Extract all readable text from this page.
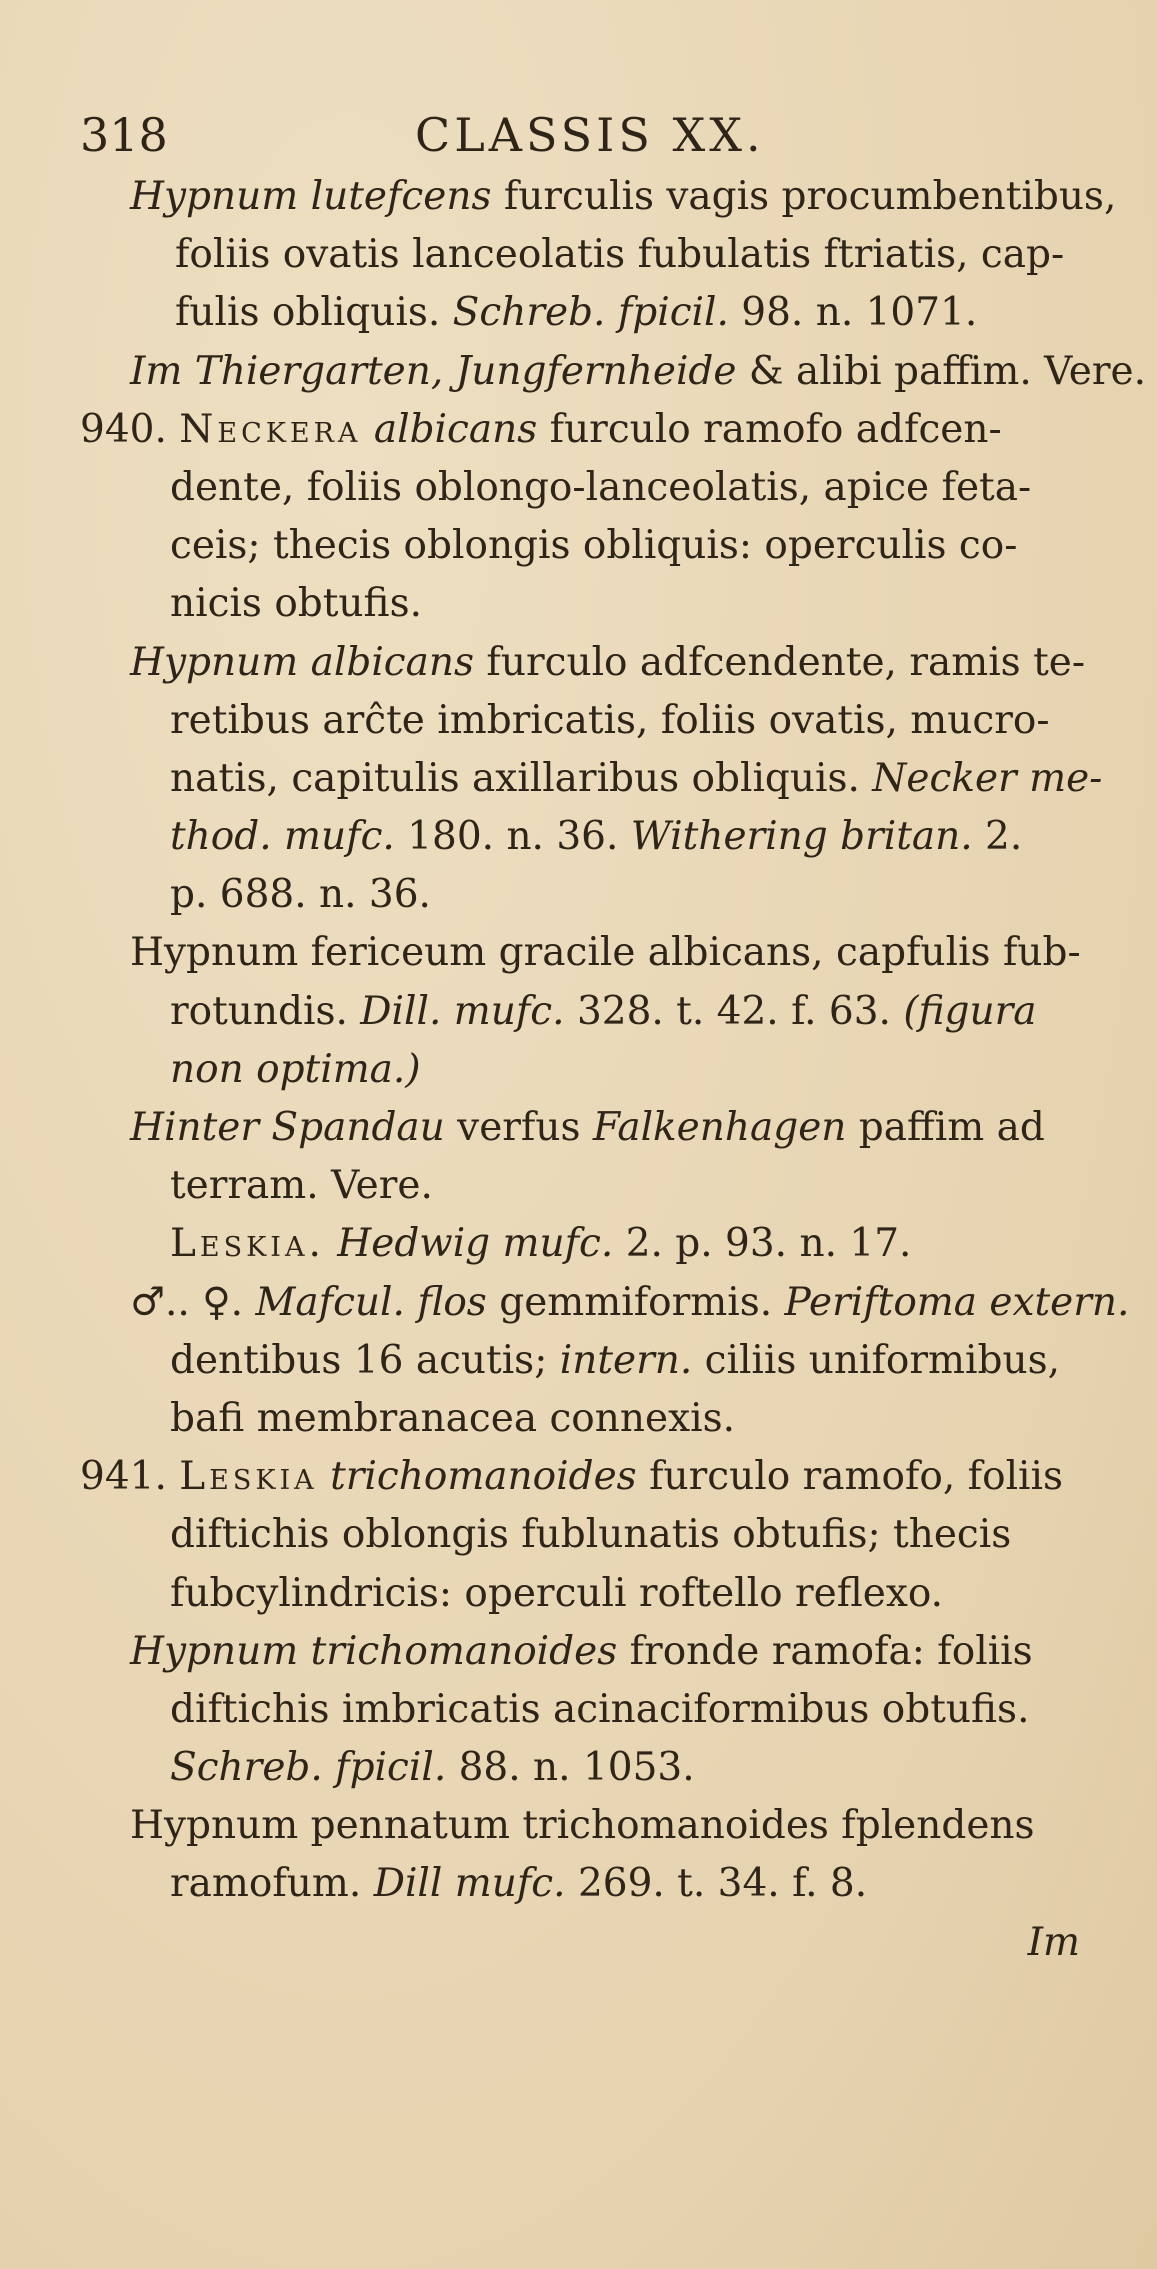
318	CLASSIS XX.
Hypnum lutefcens furculis vagis procumbentibus,
foliis ovatis lanceolatis fubulatis ftriatis, cap-
fulis obliquis. Schreb. fpicil. 98. n. 1071.
Im Thiergarten, Jungfernheide & alibi paffim. Vere.
940. Neckera albicans furculo ramofo adfcen-
dente, foliis oblongo-lanceolatis, apice feta-
ceis; thecis oblongis obliquis: operculis co-
nicis obtufis.
Hypnum albicans furculo adfcendente, ramis te-
retibus arĉte imbricatis, foliis ovatis, mucro-
natis, capitulis axillaribus obliquis. Necker me-
thod. mufc. 180. n. 36. Withering britan. 2.
p. 688. n. 36.
Hypnum fericeum gracile albicans, capfulis fub-
rotundis. Dill. mufc. 328. t. 42. f. 63. (figura
non optima.)
Hinter Spandau verfus Falkenhagen paffim ad
terram. Vere.
Leskia. Hedwig mufc. 2. p. 93. n. 17.
♂.. ♀. Mafcul. flos gemmiformis. Periftoma extern.
dentibus 16 acutis; intern. ciliis uniformibus,
bafi membranacea connexis.
941. Leskia trichomanoides furculo ramofo, foliis
diftichis oblongis fublunatis obtufis; thecis
fubcylindricis: operculi roftello reflexo.
Hypnum trichomanoides fronde ramofa: foliis
diftichis imbricatis acinaciformibus obtufis.
Schreb. fpicil. 88. n. 1053.
Hypnum pennatum trichomanoides fplendens
ramofum. Dill mufc. 269. t. 34. f. 8.
Im
